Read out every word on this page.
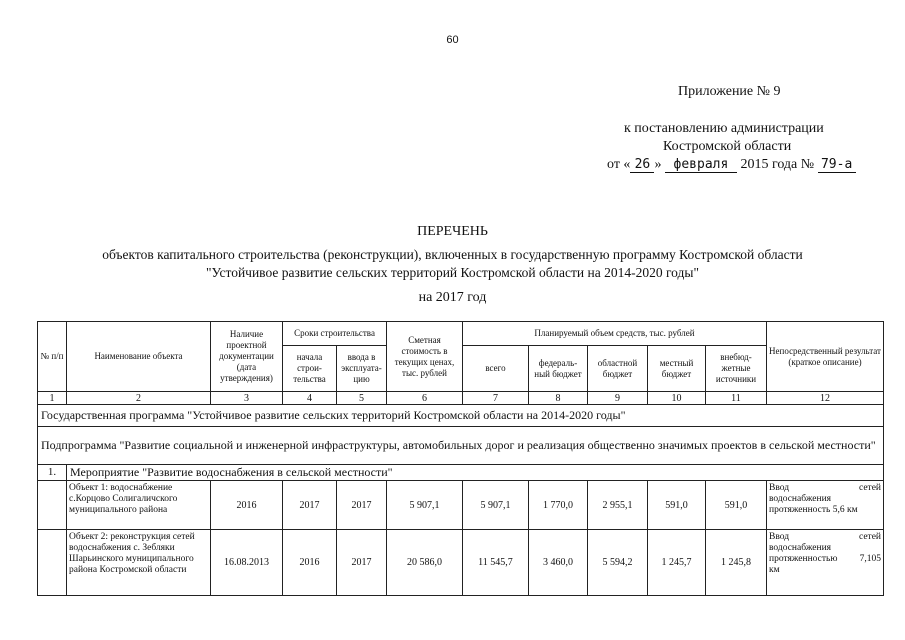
60
Приложение № 9
к постановлению администрации
Костромской области
от « 26 » февраля 2015 года № 79-а
ПЕРЕЧЕНЬ
объектов капитального строительства (реконструкции), включенных в государственную программу Костромской области
"Устойчивое развитие сельских территорий Костромской области на 2014-2020 годы"
на 2017 год
№ п/п	Наименование объекта	Наличие проектной документации (дата утверждения)	Сроки строительства		Сметная стоимость в текущих ценах, тыс. рублей	Планируемый объем средств, тыс. рублей					Непосредственный результат (краткое описание)
			начала строи-тельства	ввода в эксплуата-цию		всего	федераль-ный бюджет	областной бюджет	местный бюджет	внебюд-жетные источники	
1	2	3	4	5	6	7	8	9	10	11	12
Государственная программа "Устойчивое развитие сельских территорий Костромской области на 2014-2020 годы"											
Подпрограмма "Развитие социальной и инженерной инфраструктуры, автомобильных дорог и реализация общественно значимых проектов в сельской местности"											
1.	Мероприятие "Развитие водоснабжения в сельской местности"										
	Объект 1: водоснабжение с.Корцово Солигаличского муниципального района	2016	2017	2017	5 907,1	5 907,1	1 770,0	2 955,1	591,0	591,0	Ввод сетей
водоснабжения
протяженность 5,6 км

	Объект 2: реконструкция сетей водоснабжения с. Зебляки Шарьинского муниципального района Костромской области	16.08.2013	2016	2017	20 586,0	11 545,7	3 460,0	5 594,2	1 245,7	1 245,8	Ввод сетей
водоснабжения
протяженностью 7,105
км
